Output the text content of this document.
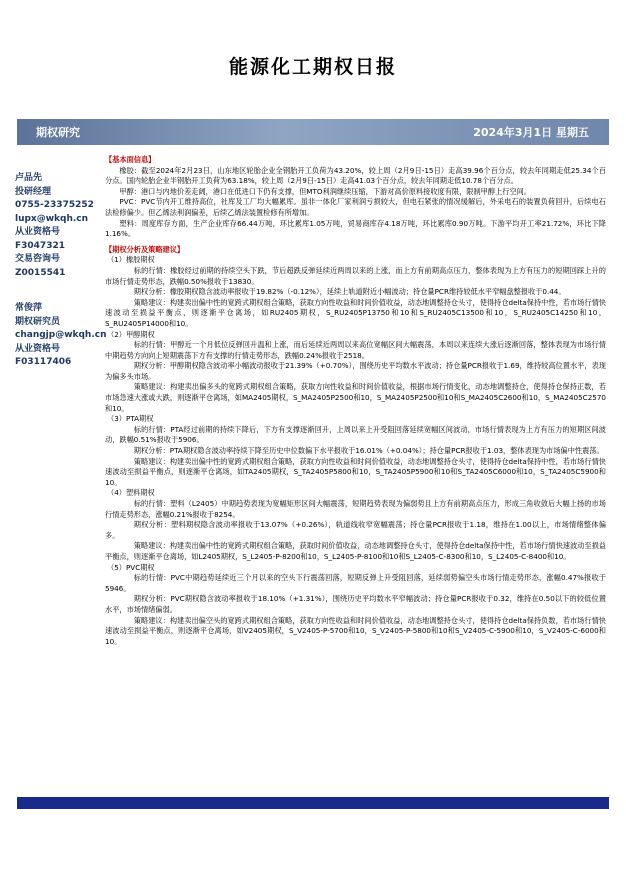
能源化工期权日报
期权研究	2024年3月1日 星期五
卢品先
投研经理
0755-23375252
lupx@wkqh.cn
从业资格号
F3047321
交易咨询号
Z0015541
常俊萍
期权研究员
changjp@wkqh.cn
从业资格号
F03117406
【基本面信息】
橡胶：截至2024年2月23日，山东地区轮胎企业全钢胎开工负荷为43.20%，较上周（2月9日-15日）走高39.96个百分点，较去年同期走低25.34个百分点。国内轮胎企业半钢胎开工负荷为63.18%，较上周（2月9日-15日）走高41.03个百分点，较去年同期走低10.78个百分点。
甲醇：港口与内地价差走阔，港口在低进口下仍有支撑，但MTO利润继续压缩，下游对高价原料接收度有限，限制甲醇上行空间。
PVC：PVC节内开工维持高位，社库及工厂均大幅累库。虽非一体化厂家利润亏损较大，但电石紧张的情况缓解后，外采电石的装置负荷回升，后续电石法检修偏少。但乙烯法利润偏差，后续乙烯法装置检修有所增加。
塑料：周度库存方面，生产企业库存66.44万吨，环比累库1.05万吨，贸易商库存4.18万吨，环比累库0.90万吨。下游平均开工率21.72%，环比下降1.16%。
【期权分析及策略建议】
（1）橡胶期权
标的行情：橡胶经过前期的持续空头下跌，节后超跌反弹延续近两周以来的上涨，而上方有前期高点压力，整体表现为上方有压力的短期回踩上升的市场行情走势形态，跌幅0.50%报收于13830。
期权分析：橡胶期权隐含波动率报收于19.82%（-0.12%），延续上轨道附近小幅波动；持仓量PCR维持较低水平窄幅盘整报收于0.44。
策略建议：构建卖出偏中性的宽跨式期权组合策略，获取方向性收益和时间价值收益，动态地调整持仓头寸，使得持仓delta保持中性，若市场行情快速波动至损益平衡点，则逐渐平仓离场，如RU2405期权，S_RU2405P13750和10和S_RU2405C13500和10，S_RU2405C14250和10，S_RU2405P14000和10。
（2）甲醇期权
标的行情：甲醇近一个月低位反弹回升温和上涨，而后延续近两周以来高位宽幅区间大幅震荡，本周以来连续大涨后逐渐回落，整体表现为市场行情中期趋势方向向上短期震荡下方有支撑的行情走势形态，跌幅0.24%报收于2518。
期权分析：甲醇期权隐含波动率小幅波动报收于21.39%（+0.70%），围绕历史平均数水平波动；持仓量PCR报收于1.69，维持较高位置水平，表现为偏多头市场。
策略建议：构建卖出偏多头的宽跨式期权组合策略，获取方向性收益和时间价值收益，根据市场行情变化，动态地调整持仓，使得持仓保持正数，若市场急速大涨或大跌，则逐渐平仓离场，如MA2405期权，S_MA2405P2500和10，S_MA2405P2500和10和S_MA2405C2600和10，S_MA2405C2570和10。
（3）PTA期权
标的行情：PTA经过前期的持续下降后，下方有支撑逐渐回升，上周以来上升受阻回落延续宽幅区间波动，市场行情表现为上方有压力的短期区间波动，跌幅0.51%报收于5906。
期权分析：PTA期权隐含波动率持续下降至历史中位数偏下水平报收于16.01%（+0.04%）；持仓量PCR报收于1.03，整体表现为市场偏中性震荡。
策略建议：构建卖出偏中性的宽跨式期权组合策略，获取方向性收益和时间价值收益，动态地调整持仓头寸，使得持仓delta保持中性，若市场行情快速波动至损益平衡点，则逐渐平仓离场，如TA2405期权，S_TA2405P5800和10，S_TA2405P5900和10和S_TA2405C6000和10，S_TA2405C5900和10。
（4）塑料期权
标的行情：塑料（L2405）中期趋势表现为宽幅矩形区间大幅震荡，短期趋势表现为偏弱势且上方有前期高点压力，形成三角收敛后大幅上扬的市场行情走势形态，涨幅0.21%报收于8254。
期权分析：塑料期权隐含波动率报收于13.07%（+0.26%），轨道线收窄宽幅震荡；持仓量PCR报收于1.18，维持在1.00以上，市场情绪整体偏多。
策略建议：构建卖出偏中性的宽跨式期权组合策略，获取时间价值收益，动态地调整持仓头寸，使得持仓delta保持中性，若市场行情快速波动至损益平衡点，则逐渐平仓离场，如L2405期权，S_L2405-P-8200和10，S_L2405-P-8100和10和S_L2405-C-8300和10，S_L2405-C-8400和10。
（5）PVC期权
标的行情：PVC中期趋势延续近三个月以来的空头下行震荡回落，短期反弹上升受阻回落，延续弱势偏空头市场行情走势形态，涨幅0.47%报收于5946。
期权分析：PVC期权隐含波动率报收于18.10%（+1.31%），围绕历史平均数水平窄幅波动；持仓量PCR报收于0.32，维持在0.50以下的较低位置水平，市场情绪偏弱。
策略建议：构建卖出偏空头的宽跨式期权组合策略，获取方向性收益和时间价值收益，动态地调整持仓头寸，使得持仓delta保持负数，若市场行情快速波动至损益平衡点，则逐渐平仓离场，如V2405期权，S_V2405-P-5700和10，S_V2405-P-5800和10和S_V2405-C-5900和10，S_V2405-C-6000和10。
